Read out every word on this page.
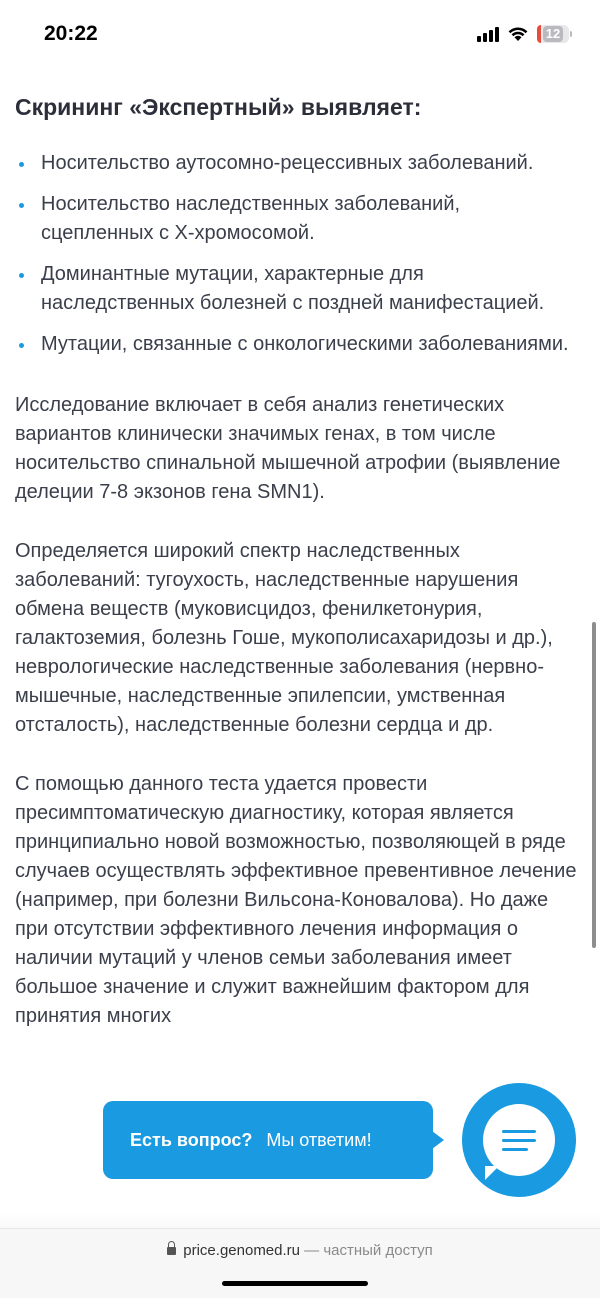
20:22	12
Скрининг «Экспертный» выявляет:
Носительство аутосомно-рецессивных заболеваний.
Носительство наследственных заболеваний, сцепленных с X-хромосомой.
Доминантные мутации, характерные для наследственных болезней с поздней манифестацией.
Мутации, связанные с онкологическими заболеваниями.

Исследование включает в себя анализ генетических вариантов клинически значимых генах, в том числе носительство спинальной мышечной атрофии (выявление делеции 7-8 экзонов гена SMN1).

Определяется широкий спектр наследственных заболеваний: тугоухость, наследственные нарушения обмена веществ (муковисцидоз, фенилкетонурия, галактоземия, болезнь Гоше, мукополисахаридозы и др.), неврологические наследственные заболевания (нервно-мышечные, наследственные эпилепсии, умственная отсталость), наследственные болезни сердца и др.

С помощью данного теста удается провести пресимптоматическую диагностику, которая является принципиально новой возможностью, позволяющей в ряде случаев осуществлять эффективное превентивное лечение (например, при болезни Вильсона-Коновалова). Но даже при отсутствии эффективного лечения информация о наличии мутаций у членов семьи заболевания имеет большое значение и служит важнейшим фактором для принятия многих

Есть вопрос? Мы ответим!
price.genomed.ru — частный доступ
